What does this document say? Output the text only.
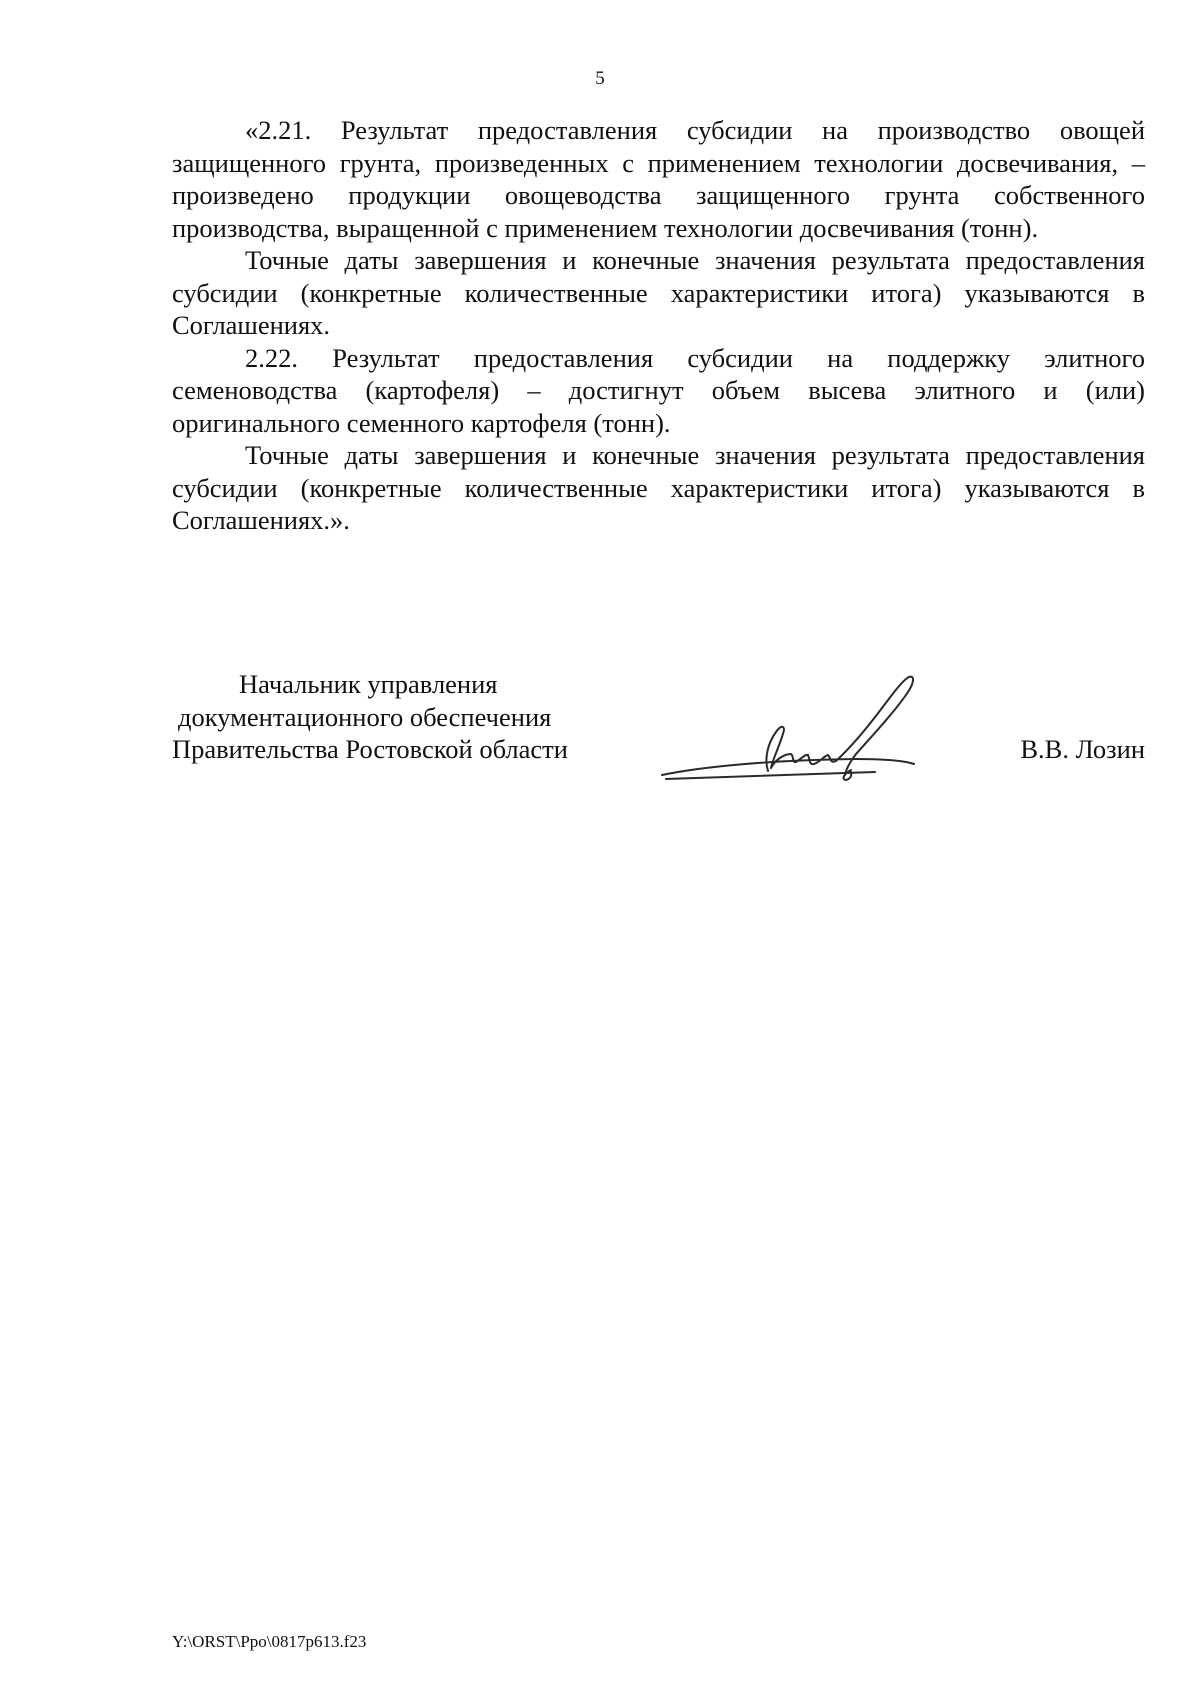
5

«2.21. Результат предоставления субсидии на производство овощей защищенного грунта, произведенных с применением технологии досвечивания, – произведено продукции овощеводства защищенного грунта собственного производства, выращенной с применением технологии досвечивания (тонн).

Точные даты завершения и конечные значения результата предоставления субсидии (конкретные количественные характеристики итога) указываются в Соглашениях.

2.22. Результат предоставления субсидии на поддержку элитного семеноводства (картофеля) – достигнут объем высева элитного и (или) оригинального семенного картофеля (тонн).

Точные даты завершения и конечные значения результата предоставления субсидии (конкретные количественные характеристики итога) указываются в Соглашениях.».

Начальник управления
документационного обеспечения
Правительства Ростовской области	В.В. Лозин
Y:\ORST\Ppo\0817p613.f23
